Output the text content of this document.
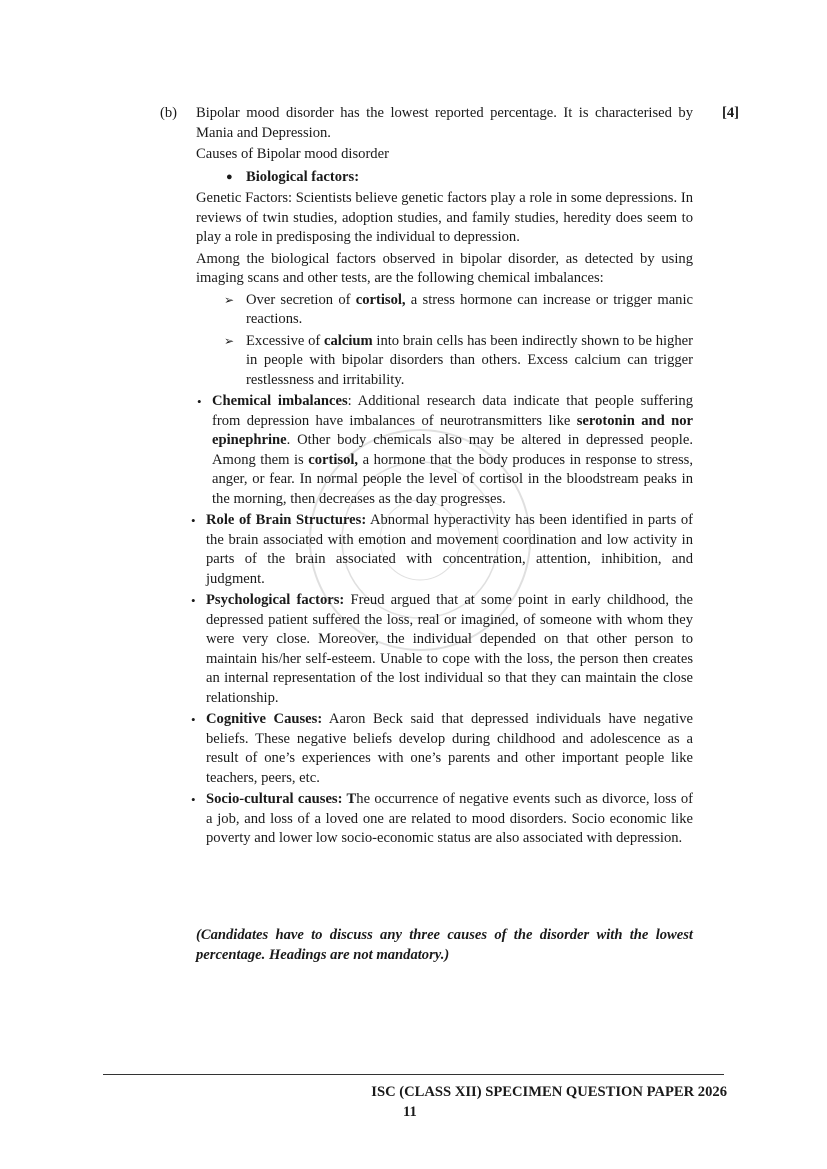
(b)	[4]

Bipolar mood disorder has the lowest reported percentage. It is characterised by Mania and Depression.

Causes of Bipolar mood disorder

● Biological factors:

Genetic Factors: Scientists believe genetic factors play a role in some depressions. In reviews of twin studies, adoption studies, and family studies, heredity does seem to play a role in predisposing the individual to depression.

Among the biological factors observed in bipolar disorder, as detected by using imaging scans and other tests, are the following chemical imbalances:

➢ Over secretion of cortisol, a stress hormone can increase or trigger manic reactions.

➢ Excessive of calcium into brain cells has been indirectly shown to be higher in people with bipolar disorders than others. Excess calcium can trigger restlessness and irritability.

• Chemical imbalances: Additional research data indicate that people suffering from depression have imbalances of neurotransmitters like serotonin and nor epinephrine. Other body chemicals also may be altered in depressed people. Among them is cortisol, a hormone that the body produces in response to stress, anger, or fear. In normal people the level of cortisol in the bloodstream peaks in the morning, then decreases as the day progresses.

• Role of Brain Structures: Abnormal hyperactivity has been identified in parts of the brain associated with emotion and movement coordination and low activity in parts of the brain associated with concentration, attention, inhibition, and judgment.

• Psychological factors: Freud argued that at some point in early childhood, the depressed patient suffered the loss, real or imagined, of someone with whom they were very close. Moreover, the individual depended on that other person to maintain his/her self-esteem. Unable to cope with the loss, the person then creates an internal representation of the lost individual so that they can maintain the close relationship.

• Cognitive Causes: Aaron Beck said that depressed individuals have negative beliefs. These negative beliefs develop during childhood and adolescence as a result of one’s experiences with one’s parents and other important people like teachers, peers, etc.

• Socio-cultural causes: The occurrence of negative events such as divorce, loss of a job, and loss of a loved one are related to mood disorders. Socio economic like poverty and lower low socio-economic status are also associated with depression.

(Candidates have to discuss any three causes of the disorder with the lowest percentage. Headings are not mandatory.)
ISC (CLASS XII) SPECIMEN QUESTION PAPER 2026
11
